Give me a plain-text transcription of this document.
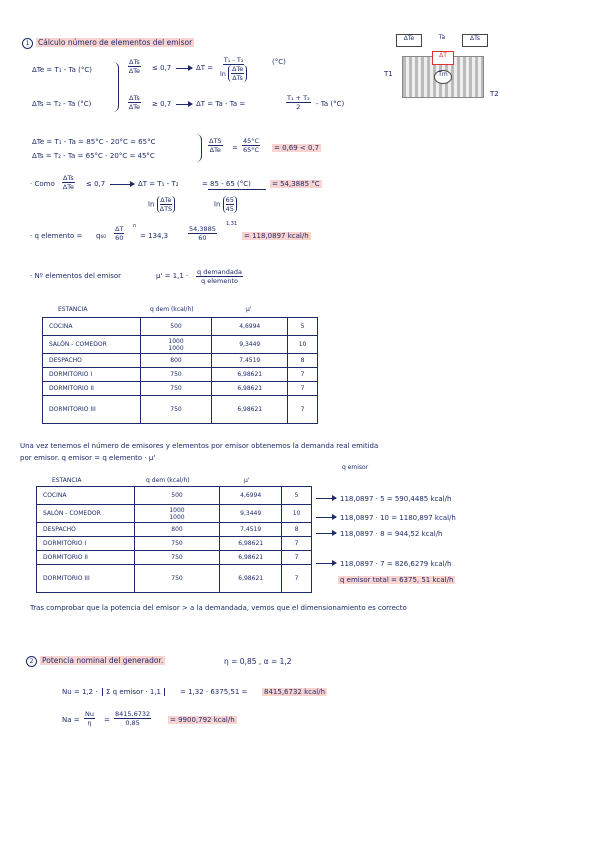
1 Cálculo número de elementos del emisor	ΔTe	Ta	ΔTs
ΔT
Tm
T1
T2
ΔTe = T₁ - Ta (°C)
ΔTs = T₂ - Ta (°C)
ΔTs
ΔTe ≤ 0,7	ΔT =
T₁ - T₂
ln
ΔTe
ΔTs
(°C)
ΔTs
ΔTe ≥ 0,7	ΔT = Ta - Ta =	$\frac{\text{T₁ + T₂}}{2}$ - Ta (°C)
ΔTe = T₁ - Ta = 85°C - 20°C = 65°C
ΔTs = T₂ - Ta = 65°C - 20°C = 45°C
ΔTS
$\Delta Te = \frac{45^\circ C}{65^\circ C} = 0,69 < 0,7$
· Como
ΔTs
ΔTe ≤ 0,7	ΔT = T₁ - T₂
ln
ΔTe
ΔTS
= 85 - 65 (°C)
$\ln \frac{65}{45}$
= 54,3885 °C
· q elemento = $q_{60} \frac{\Delta T}{60}$ n
= 134,3	$\frac{54,3885}{60}$
1,31
= 118,0897 kcal/h
· Nº elementos del emisor	μ' = 1,1 · q demandada
q elemento
ESTANCIA	q dem (kcal/h)	μ'
COCINA	500	4,6994	5
SALÓN - COMEDOR	1000
1000	9,3449	10
DESPACHO	800	7,4519	8
DORMITORIO I	750	6,98621	7
DORMITORIO II	750	6,98621	7
DORMITORIO III	750	6,98621	7
Una vez tenemos el número de emisores y elementos por emisor obtenemos la demanda real emitida
por emisor. q emisor = q elemento · μ'
q emisor
ESTANCIA	q dem (kcal/h)	μ'
COCINA	500	4,6994	5
SALÓN - COMEDOR	1000
1000	9,3449	10
DESPACHO	800	7,4519	8
DORMITORIO I	750	6,98621	7
DORMITORIO II	750	6,98621	7
DORMITORIO III	750	6,98621	7
118,0897 · 5 = 590,4485 kcal/h
118,0897 · 10 = 1180,897 kcal/h
118,0897 · 8 = 944,52 kcal/h
118,0897 · 7 = 826,6279 kcal/h
q emisor total = 6375, 51 kcal/h
Tras comprobar que la potencia del emisor > a la demandada, vemos que el dimensionamiento es correcto
2 Potencia nominal del generador.	η = 0,85 , α = 1,2
Nu = 1,2 ·	Σ q emisor · 1,1	= 1,32 · 6375,51 = 8415,6732 kcal/h
$Na = \frac{Nu}{\eta} = \frac{8415,6732}{0,85}$	= 9900,792 kcal/h
